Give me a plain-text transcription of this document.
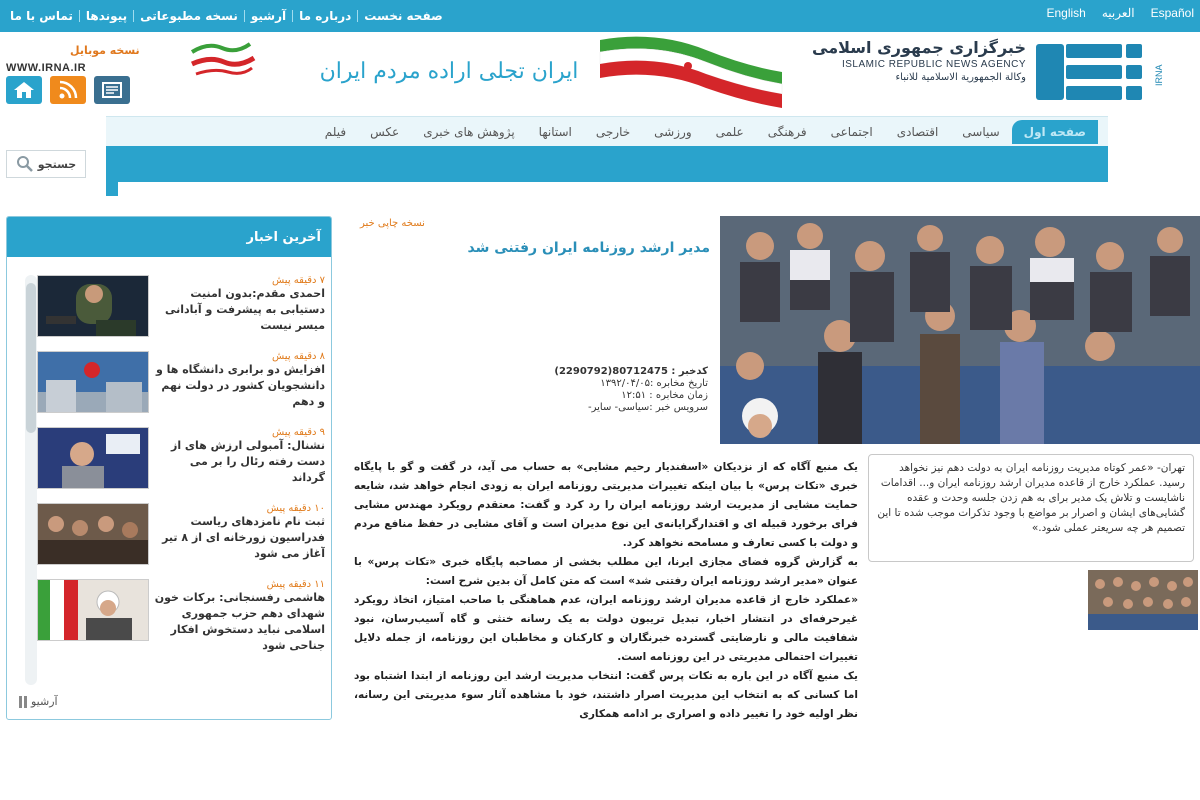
صفحه نخست
درباره ما
آرشیو
نسخه مطبوعاتی
پیوندها
تماس با ما	English العربیه Español
نسخه موبایل
WWW.IRNA.IR	ایران تجلی اراده مردم ایران
خبرگزاری جمهوری اسلامی
ISLAMIC REPUBLIC NEWS AGENCY
وکالة الجمهوریة الاسلامیة للانباء	IRNA
صفحه اول
سیاسی
اقتصادی
اجتماعی
فرهنگی
علمی
ورزشی
خارجی
استانها
پژوهش های خبری
عکس
فیلم
جستجو
آخرین اخبار
۷ دقیقه پیش
احمدی مقدم:بدون امنیت دستیابی به پیشرفت و آبادانی میسر نیست
۸ دقیقه پیش
افزایش دو برابری دانشگاه ها و دانشجویان کشور در دولت نهم و دهم
۹ دقیقه پیش
نشنال: آمبولی ارزش های از دست رفته رئال را بر می گرداند
۱۰ دقیقه پیش
ثبت نام نامزدهای ریاست فدراسیون زورخانه ای از ۸ تیر آغاز می شود
۱۱ دقیقه پیش
هاشمی رفسنجانی: برکات خون شهدای دهم حزب جمهوری اسلامی نباید دستخوش افکار جناحی شود
آرشیو
نسخه چاپی خبر
مدیر ارشد روزنامه ایران رفتنی شد
کدخبر : 80712475(2290792)
تاریخ مخابره :۱۳۹۲/۰۴/۰۵
زمان مخابره : ۱۲:۵۱
سرویس خبر :سیاسی- سایر-

تهران- «عمر کوتاه مدیریت روزنامه ایران به دولت دهم نیز نخواهد رسید. عملکرد خارج از قاعده مدیران ارشد روزنامه ایران و... اقدامات ناشایست و تلاش یک مدیر برای به هم زدن جلسه وحدت و عقده گشایی‌های ایشان و اصرار بر مواضع با وجود تذکرات موجب شده تا این تصمیم هر چه سریعتر عملی شود.»

یک منبع آگاه که از نزدیکان «اسفندیار رحیم مشایی» به حساب می آید، در گفت و گو با پایگاه خبری «تکات پرس» با بیان اینکه تغییرات مدیریتی روزنامه ایران به زودی انجام خواهد شد، شایعه حمایت مشایی از مدیریت ارشد روزنامه ایران را رد کرد و گفت: معتقدم رویکرد مهندس مشایی فرای برخورد قبیله ای و اقتدارگرایانه‌ی این نوع مدیران است و آقای مشایی در حفظ منافع مردم و دولت با کسی تعارف و مسامحه نخواهد کرد.

به گزارش گروه فضای مجازی ایرنا، این مطلب بخشی از مصاحبه پایگاه خبری «تکات پرس» با عنوان «مدیر ارشد روزنامه ایران رفتنی شد» است که متن کامل آن بدین شرح است:

«عملکرد خارج از قاعده مدیران ارشد روزنامه ایران، عدم هماهنگی با صاحب امتیاز، اتخاذ رویکرد غیرحرفه‌ای در انتشار اخبار، تبدیل تریبون دولت به یک رسانه خنثی و گاه آسیب‌رسان، نبود شفافیت مالی و نارضایتی گسترده خبرنگاران و کارکنان و مخاطبان این روزنامه، از جمله دلایل تغییرات احتمالی مدیریتی در این روزنامه است.

یک منبع آگاه در این باره به تکات پرس گفت: انتخاب مدیریت ارشد این روزنامه از ابتدا اشتباه بود اما کسانی که به انتخاب این مدیریت اصرار داشتند، خود با مشاهده آثار سوء مدیریتی این رسانه، نظر اولیه خود را تغییر داده و اصراری بر ادامه همکاری
